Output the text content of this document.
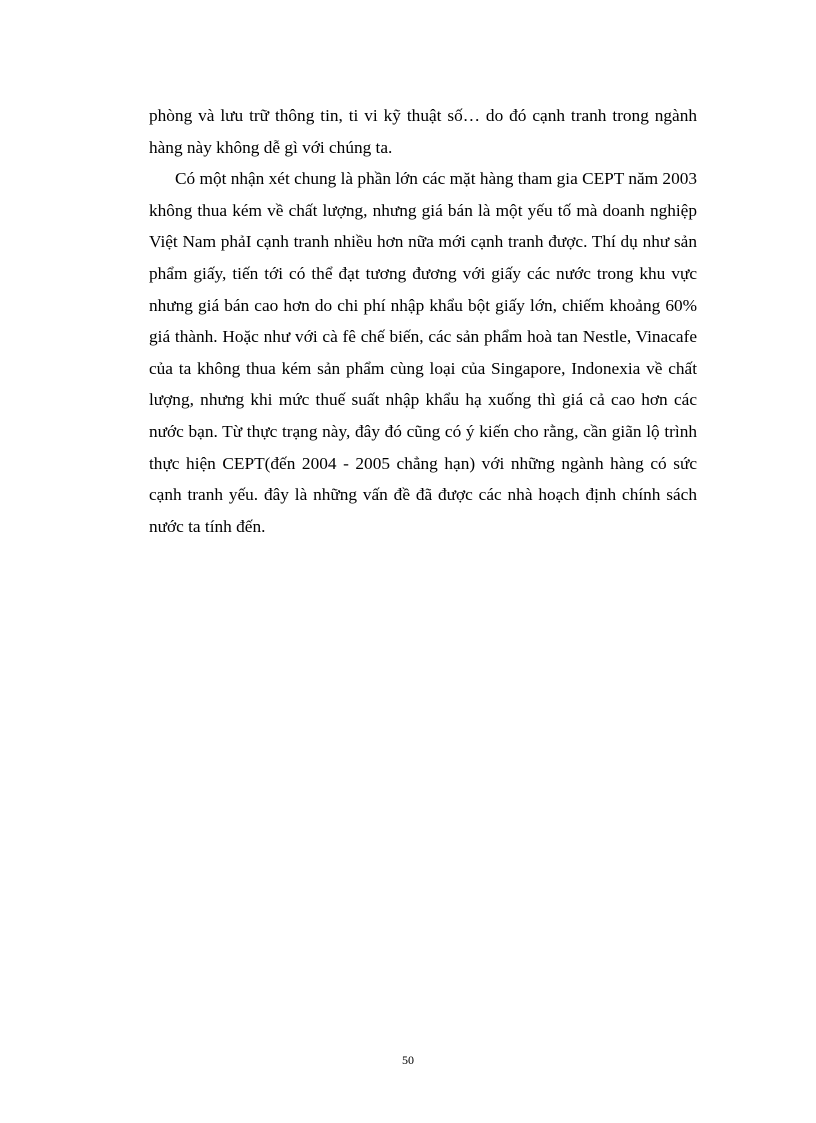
phòng và lưu trữ thông tin, ti vi kỹ thuật số… do đó cạnh tranh trong ngành hàng này không dễ gì với chúng ta.

Có một nhận xét chung là phần lớn các mặt hàng tham gia CEPT năm 2003 không thua kém về chất lượng, nhưng giá bán là một yếu tố mà doanh nghiệp Việt Nam phảI cạnh tranh nhiều hơn nữa mới cạnh tranh được. Thí dụ như sản phẩm giấy, tiến tới có thể đạt tương đương với giấy các nước trong khu vực nhưng giá bán cao hơn do chi phí nhập khẩu bột giấy lớn, chiếm khoảng 60% giá thành. Hoặc như với cà fê chế biến, các sản phẩm hoà tan Nestle, Vinacafe của ta không thua kém sản phẩm cùng loại của Singapore, Indonexia về chất lượng, nhưng khi mức thuế suất nhập khẩu hạ xuống thì giá cả cao hơn các nước bạn. Từ thực trạng này, đây đó cũng có ý kiến cho rằng, cần giãn lộ trình thực hiện CEPT(đến 2004 - 2005 chẳng hạn) với những ngành hàng có sức cạnh tranh yếu. đây là những vấn đề đã được các nhà hoạch định chính sách nước ta tính đến.

50
